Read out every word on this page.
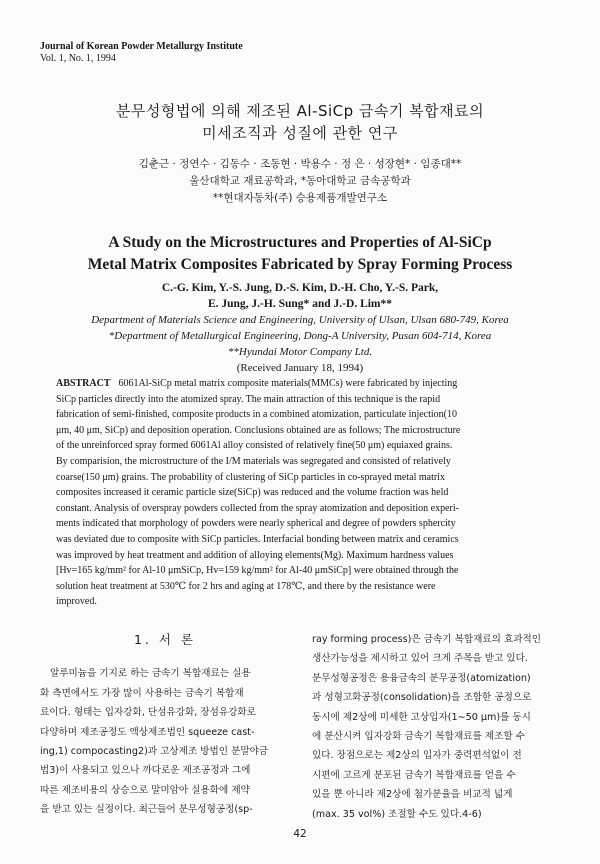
Journal of Korean Powder Metallurgy Institute
Vol. 1, No. 1, 1994
분무성형법에 의해 제조된 Al-SiCp 금속기 복합재료의
미세조직과 성질에 관한 연구
김춘근 · 정연수 · 김동수 · 조동현 · 박용수 · 정 은 · 성장현* · 임종대**
울산대학교 재료공학과, *동아대학교 금속공학과
**현대자동차(주) 승용제품개발연구소
A Study on the Microstructures and Properties of Al-SiCp
Metal Matrix Composites Fabricated by Spray Forming Process
C.-G. Kim, Y.-S. Jung, D.-S. Kim, D.-H. Cho, Y.-S. Park,
E. Jung, J.-H. Sung* and J.-D. Lim**
Department of Materials Science and Engineering, University of Ulsan, Ulsan 680-749, Korea
*Department of Metallurgical Engineering, Dong-A University, Pusan 604-714, Korea
**Hyundai Motor Company Ltd.
(Received January 18, 1994)
ABSTRACT 6061Al-SiCp metal matrix composite materials(MMCs) were fabricated by injecting
SiCp particles directly into the atomized spray. The main attraction of this technique is the rapid
fabrication of semi-finished, composite products in a combined atomization, particulate injection(10
μm, 40 μm, SiCp) and deposition operation. Conclusions obtained are as follows; The microstructure
of the unreinforced spray formed 6061Al alloy consisted of relatively fine(50 μm) equiaxed grains.
By comparision, the microstructure of the I/M materials was segregated and consisted of relatively
coarse(150 μm) grains. The probability of clustering of SiCp particles in co-sprayed metal matrix
composites increased it ceramic particle size(SiCp) was reduced and the volume fraction was held
constant. Analysis of overspray powders collected from the spray atomization and deposition experi-
ments indicated that morphology of powders were nearly spherical and degree of powders sphercity
was deviated due to composite with SiCp particles. Interfacial bonding between matrix and ceramics
was improved by heat treatment and addition of alloying elements(Mg). Maximum hardness values
[Hv=165 kg/mm² for Al-10 μmSiCp, Hv=159 kg/mm² for Al-40 μmSiCp] were obtained through the
solution heat treatment at 530℃ for 2 hrs and aging at 178℃, and there by the resistance were
improved.
1. 서 론
알루미늄을 기지로 하는 금속기 복합재료는 실용
화 측면에서도 가장 많이 사용하는 금속기 복합재
료이다. 형태는 입자강화, 단섬유강화, 장섬유강화로
다양하며 제조공정도 액상제조법인 squeeze cast-
ing,1) compocasting2)과 고상제조 방법인 분말야금
법3)이 사용되고 있으나 까다로운 제조공정과 그에
따른 제조비용의 상승으로 말미암아 실용화에 제약
을 받고 있는 실정이다. 최근들어 분무성형공정(sp-
ray forming process)은 금속기 복합재료의 효과적인
생산가능성을 제시하고 있어 크게 주목을 받고 있다.
분무성형공정은 용융금속의 분무공정(atomization)
과 성형고화공정(consolidation)을 조합한 공정으로
동시에 제2상에 미세한 고상입자(1∼50 μm)를 동시
에 분산시켜 입자강화 금속기 복합재료를 제조할 수
있다. 장점으로는 제2상의 입자가 중력편석없이 전
시편에 고르게 분포된 금속기 복합재료를 얻을 수
있을 뿐 아니라 제2상에 첨가분율을 비교적 넓게
(max. 35 vol%) 조절할 수도 있다.4-6)
42
